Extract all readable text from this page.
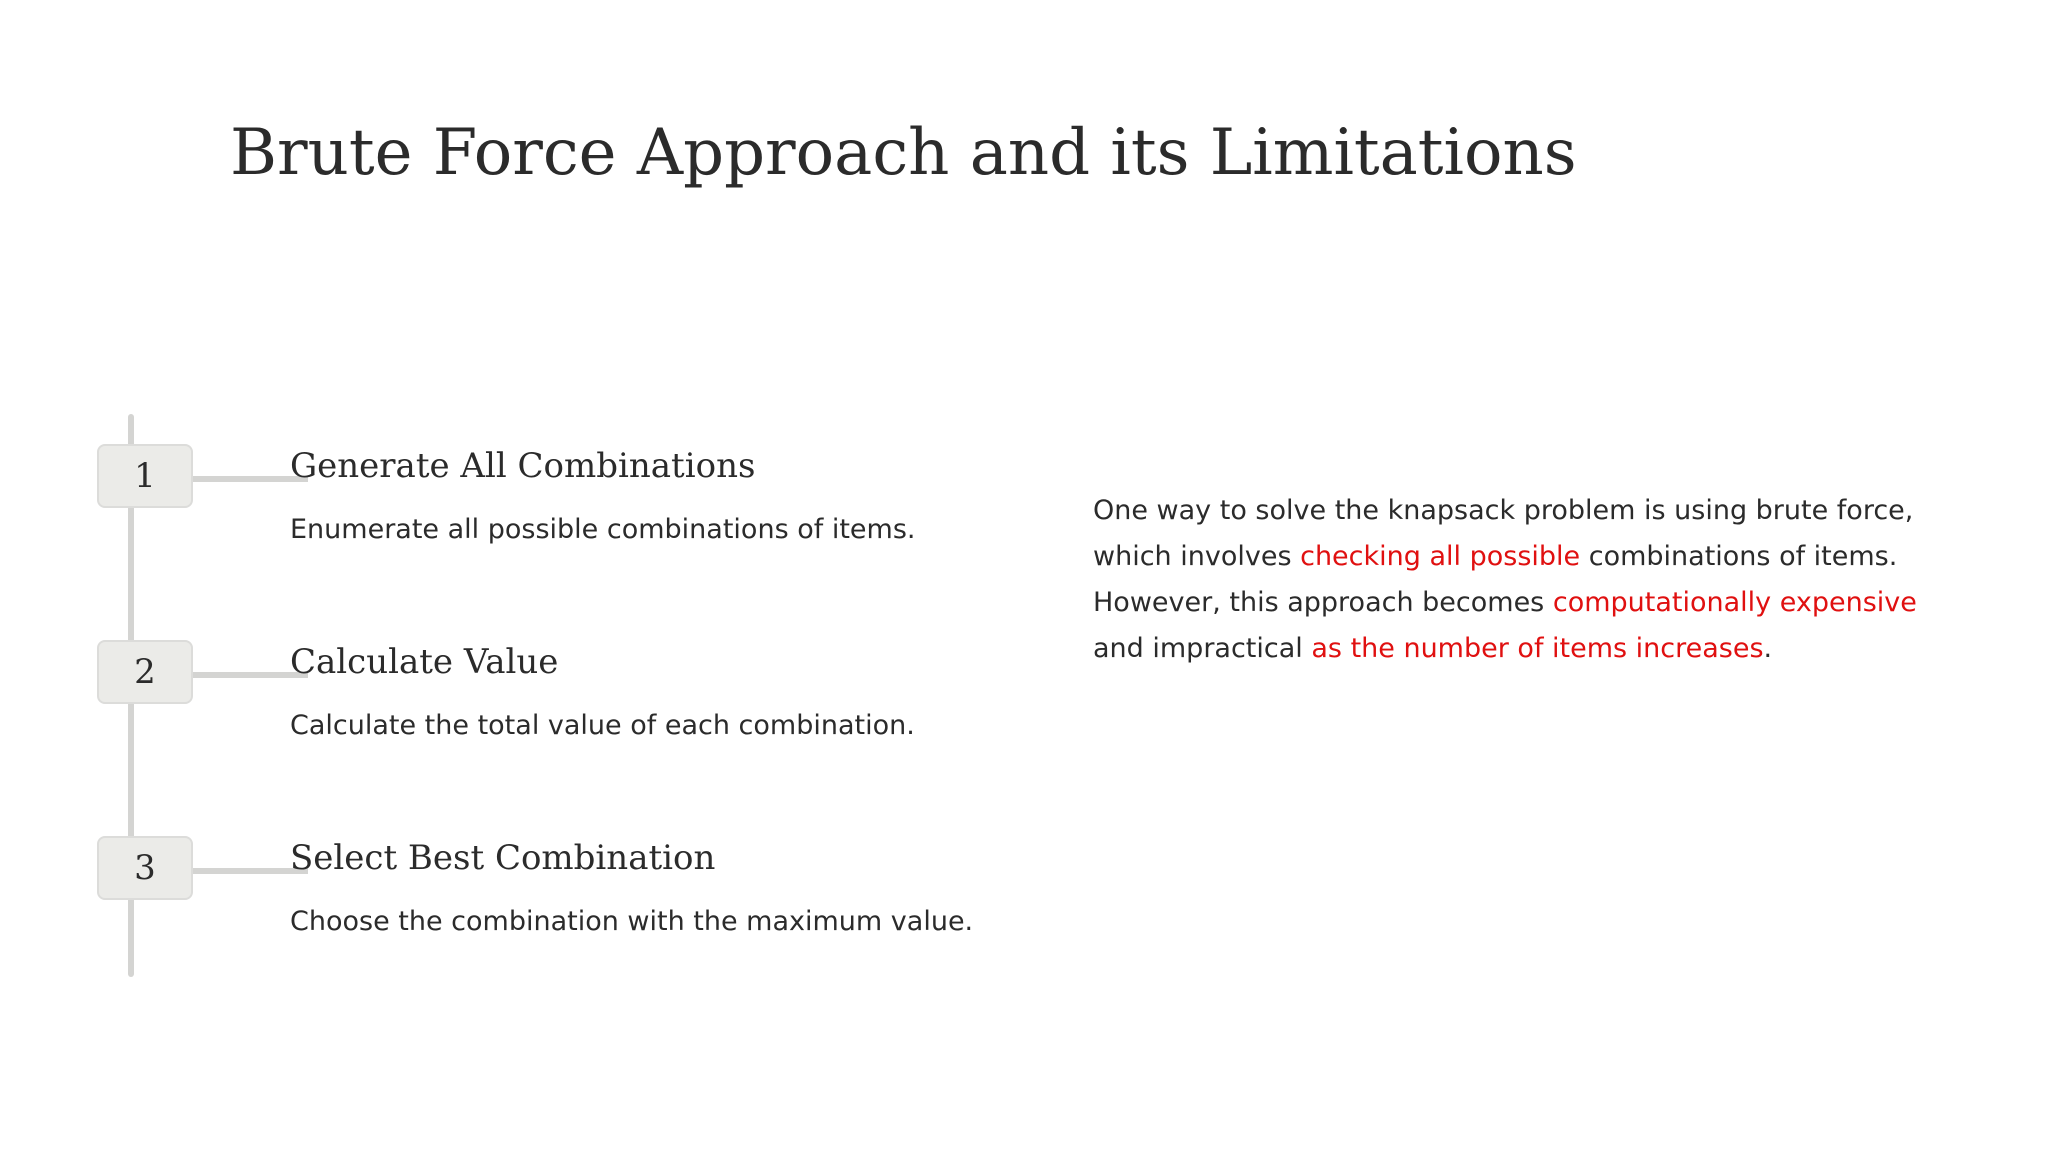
Brute Force Approach and its Limitations
1	Generate All Combinations
Enumerate all possible combinations of items.
2	Calculate Value
Calculate the total value of each combination.
3	Select Best Combination
Choose the combination with the maximum value.

One way to solve the knapsack problem is using brute force, which involves checking all possible combinations of items. However, this approach becomes computationally expensive and impractical as the number of items increases.
